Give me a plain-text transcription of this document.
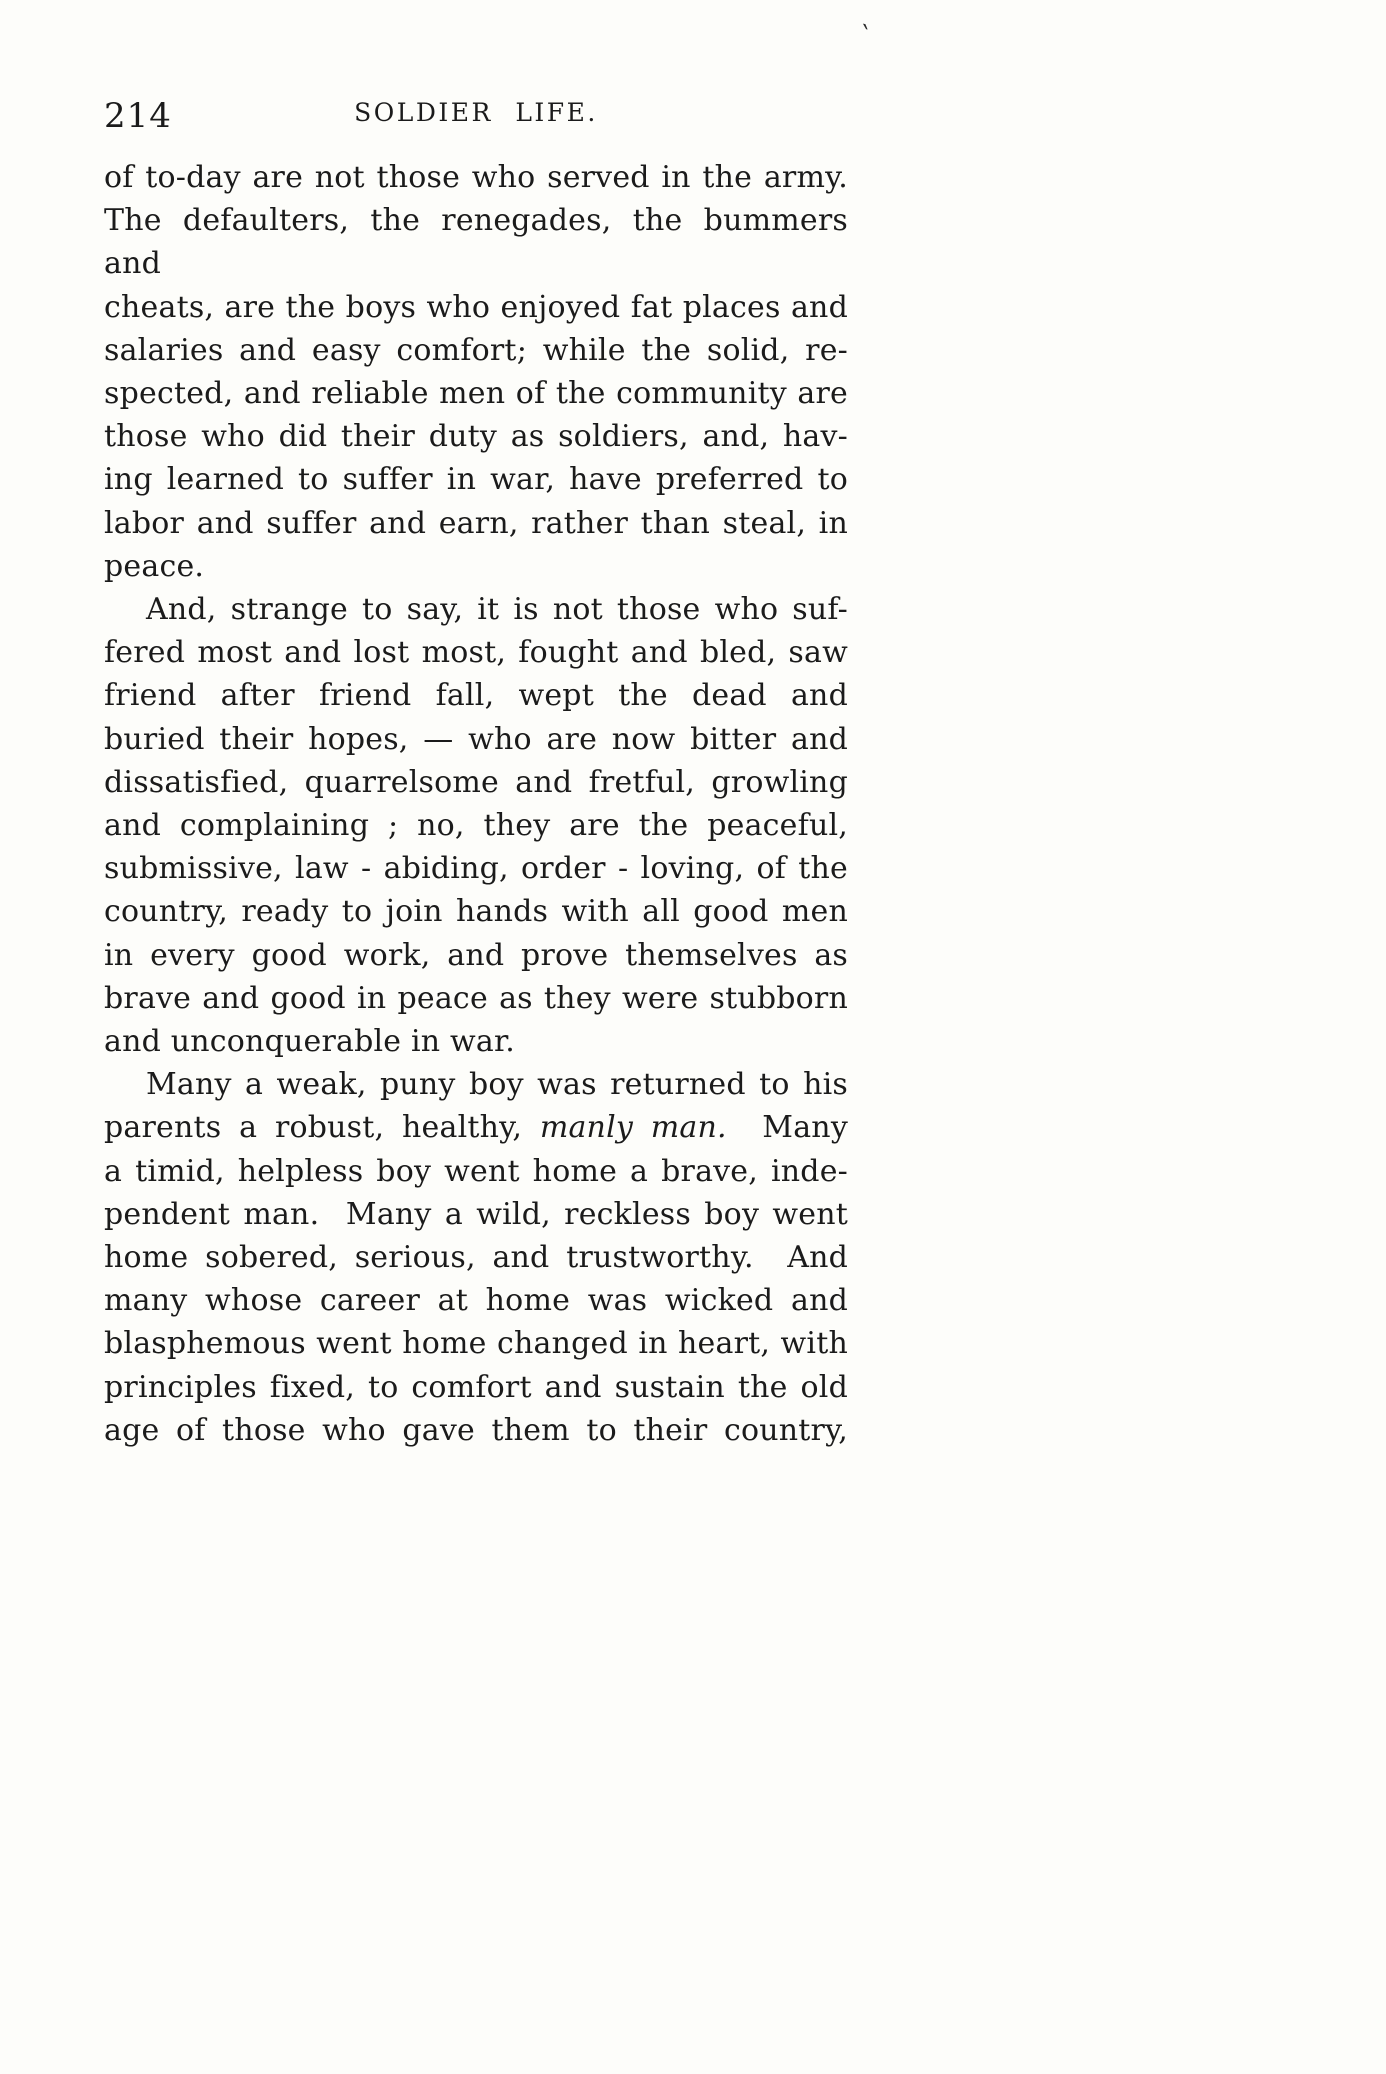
`
214	SOLDIER LIFE.
of to-day are not those who served in the army.
The defaulters, the renegades, the bummers and
cheats, are the boys who enjoyed fat places and
salaries and easy comfort; while the solid, re-
spected, and reliable men of the community are
those who did their duty as soldiers, and, hav-
ing learned to suffer in war, have preferred to
labor and suffer and earn, rather than steal, in
peace.
And, strange to say, it is not those who suf-
fered most and lost most, fought and bled, saw
friend after friend fall, wept the dead and
buried their hopes, — who are now bitter and
dissatisfied, quarrelsome and fretful, growling
and complaining ; no, they are the peaceful,
submissive, law - abiding, order - loving, of the
country, ready to join hands with all good men
in every good work, and prove themselves as
brave and good in peace as they were stubborn
and unconquerable in war.
Many a weak, puny boy was returned to his
parents a robust, healthy, manly man.  Many
a timid, helpless boy went home a brave, inde-
pendent man.  Many a wild, reckless boy went
home sobered, serious, and trustworthy.  And
many whose career at home was wicked and
blasphemous went home changed in heart, with
principles fixed, to comfort and sustain the old
age of those who gave them to their country,
